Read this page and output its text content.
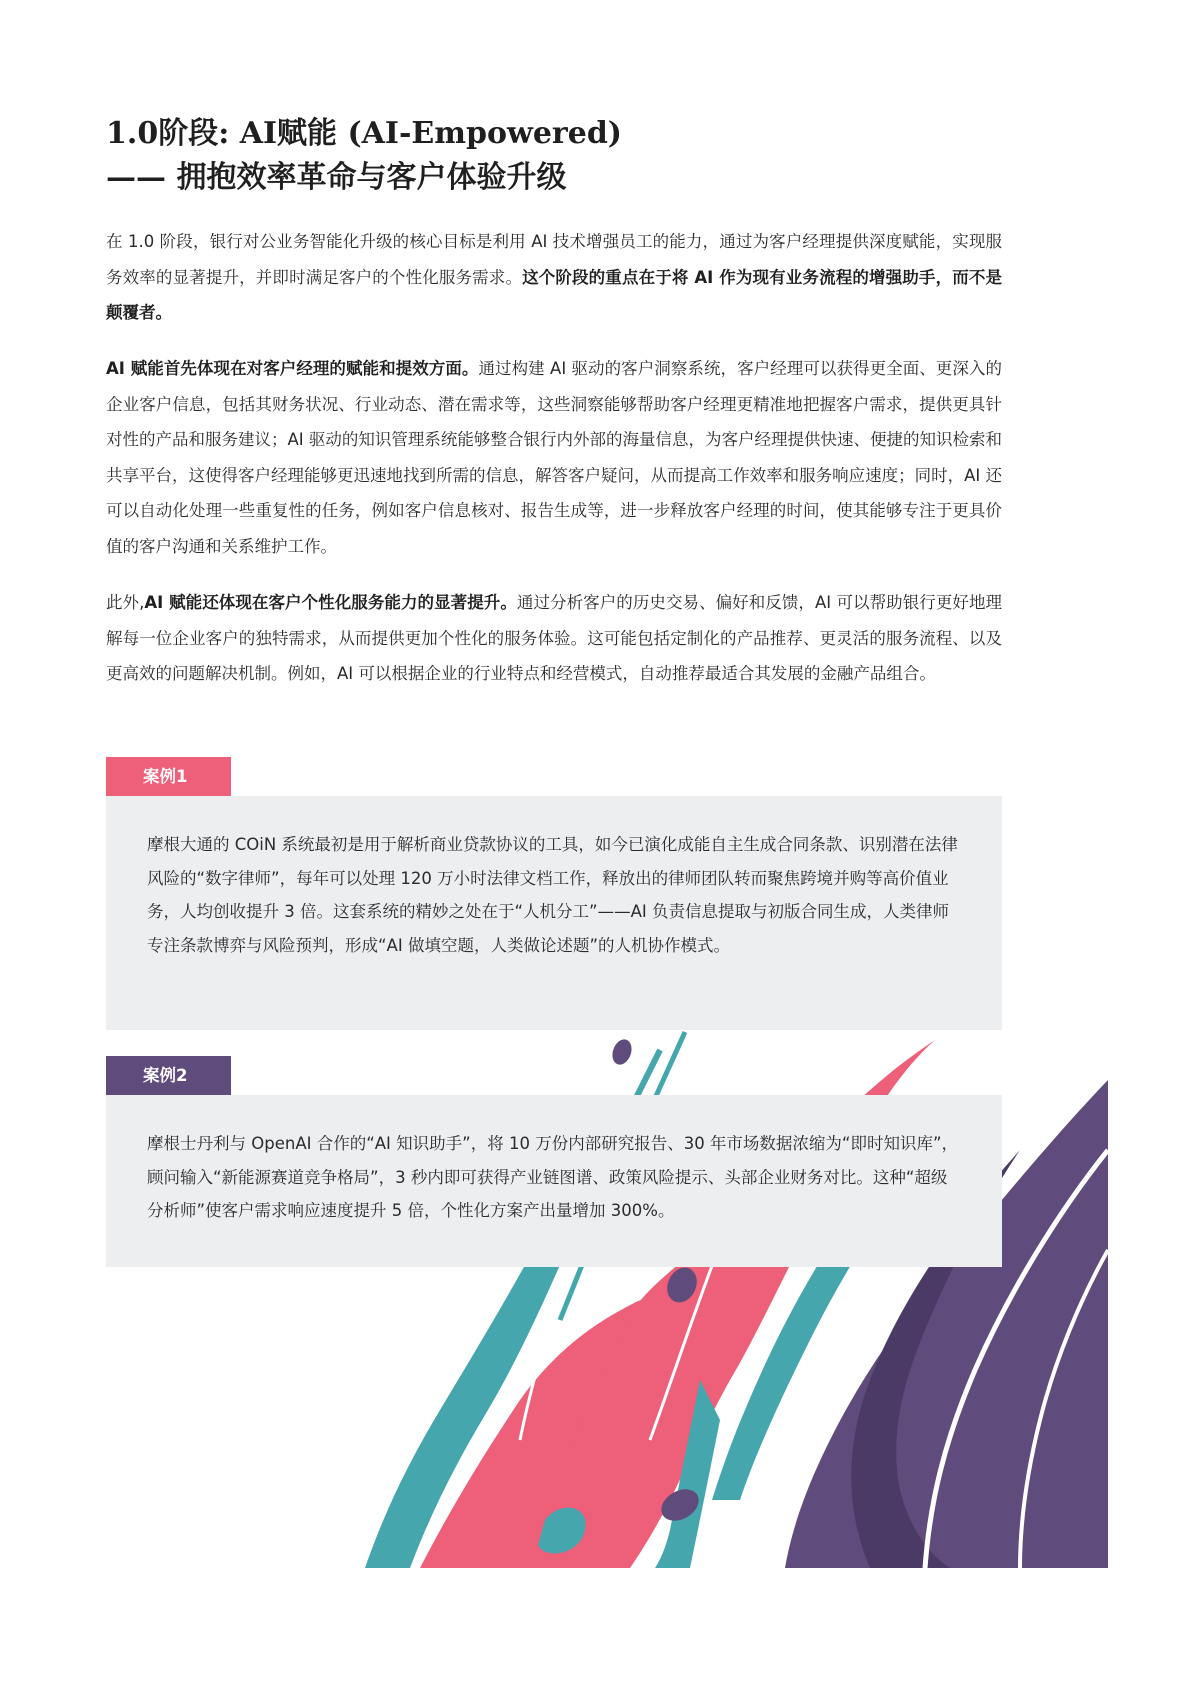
1.0阶段: AI赋能 (AI-Empowered)
—— 拥抱效率革命与客户体验升级

在 1.0 阶段，银行对公业务智能化升级的核心目标是利用 AI 技术增强员工的能力，通过为客户经理提供深度赋能，实现服务效率的显著提升，并即时满足客户的个性化服务需求。这个阶段的重点在于将 AI 作为现有业务流程的增强助手，而不是颠覆者。

AI 赋能首先体现在对客户经理的赋能和提效方面。通过构建 AI 驱动的客户洞察系统，客户经理可以获得更全面、更深入的企业客户信息，包括其财务状况、行业动态、潜在需求等，这些洞察能够帮助客户经理更精准地把握客户需求，提供更具针对性的产品和服务建议；AI 驱动的知识管理系统能够整合银行内外部的海量信息，为客户经理提供快速、便捷的知识检索和共享平台，这使得客户经理能够更迅速地找到所需的信息，解答客户疑问，从而提高工作效率和服务响应速度；同时，AI 还可以自动化处理一些重复性的任务，例如客户信息核对、报告生成等，进一步释放客户经理的时间，使其能够专注于更具价值的客户沟通和关系维护工作。

此外,AI 赋能还体现在客户个性化服务能力的显著提升。通过分析客户的历史交易、偏好和反馈，AI 可以帮助银行更好地理解每一位企业客户的独特需求，从而提供更加个性化的服务体验。这可能包括定制化的产品推荐、更灵活的服务流程、以及更高效的问题解决机制。例如，AI 可以根据企业的行业特点和经营模式，自动推荐最适合其发展的金融产品组合。

案例1

摩根大通的 COiN 系统最初是用于解析商业贷款协议的工具，如今已演化成能自主生成合同条款、识别潜在法律风险的“数字律师”，每年可以处理 120 万小时法律文档工作，释放出的律师团队转而聚焦跨境并购等高价值业务，人均创收提升 3 倍。这套系统的精妙之处在于“人机分工”——AI 负责信息提取与初版合同生成，人类律师专注条款博弈与风险预判，形成“AI 做填空题，人类做论述题”的人机协作模式。

案例2

摩根士丹利与 OpenAI 合作的“AI 知识助手”，将 10 万份内部研究报告、30 年市场数据浓缩为“即时知识库”，顾问输入“新能源赛道竞争格局”，3 秒内即可获得产业链图谱、政策风险提示、头部企业财务对比。这种“超级分析师”使客户需求响应速度提升 5 倍，个性化方案产出量增加 300%。
